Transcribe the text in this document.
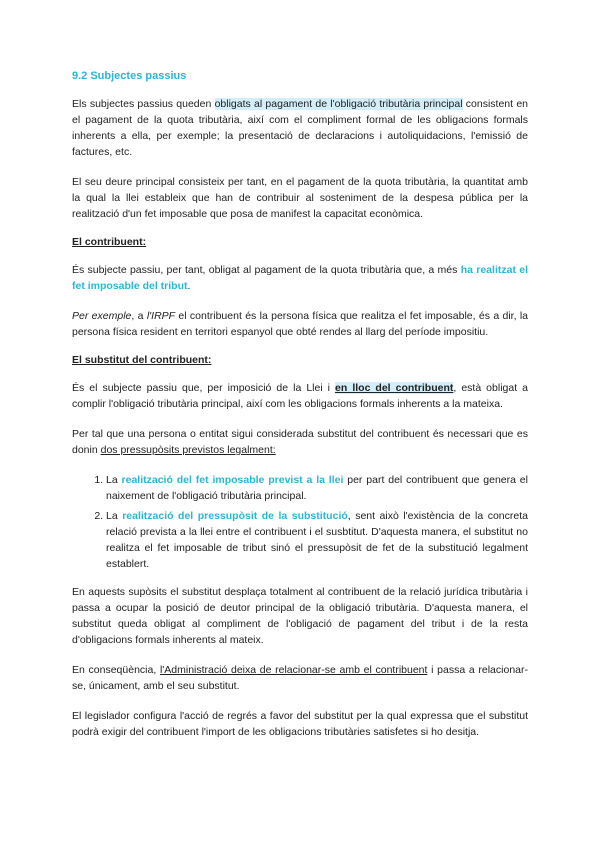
9.2 Subjectes passius

Els subjectes passius queden obligats al pagament de l'obligació tributària principal consistent en el pagament de la quota tributària, així com el compliment formal de les obligacions formals inherents a ella, per exemple; la presentació de declaracions i autoliquidacions, l'emissió de factures, etc.

El seu deure principal consisteix per tant, en el pagament de la quota tributària, la quantitat amb la qual la llei estableix que han de contribuir al sosteniment de la despesa pública per la realització d'un fet imposable que posa de manifest la capacitat econòmica.

El contribuent:

És subjecte passiu, per tant, obligat al pagament de la quota tributària que, a més ha realitzat el fet imposable del tribut.

Per exemple, a l'IRPF el contribuent és la persona física que realitza el fet imposable, és a dir, la persona física resident en territori espanyol que obté rendes al llarg del període impositiu.

El substitut del contribuent:

És el subjecte passiu que, per imposició de la Llei i en lloc del contribuent, està obligat a complir l'obligació tributària principal, així com les obligacions formals inherents a la mateixa.

Per tal que una persona o entitat sigui considerada substitut del contribuent és necessari que es donin dos pressupòsits previstos legalment:

1. La realització del fet imposable previst a la llei per part del contribuent que genera el naixement de l'obligació tributària principal.
2. La realització del pressupòsit de la substitució, sent això l'existència de la concreta relació prevista a la llei entre el contribuent i el susbtitut. D'aquesta manera, el substitut no realitza el fet imposable de tribut sinó el pressupòsit de fet de la substitució legalment establert.

En aquests supòsits el substitut desplaça totalment al contribuent de la relació jurídica tributària i passa a ocupar la posició de deutor principal de la obligació tributària. D'aquesta manera, el substitut queda obligat al compliment de l'obligació de pagament del tribut i de la resta d'obligacions formals inherents al mateix.

En conseqüència, l'Administració deixa de relacionar-se amb el contribuent i passa a relacionar-se, únicament, amb el seu substitut.

El legislador configura l'acció de regrés a favor del substitut per la qual expressa que el substitut podrà exigir del contribuent l'import de les obligacions tributàries satisfetes si ho desitja.
